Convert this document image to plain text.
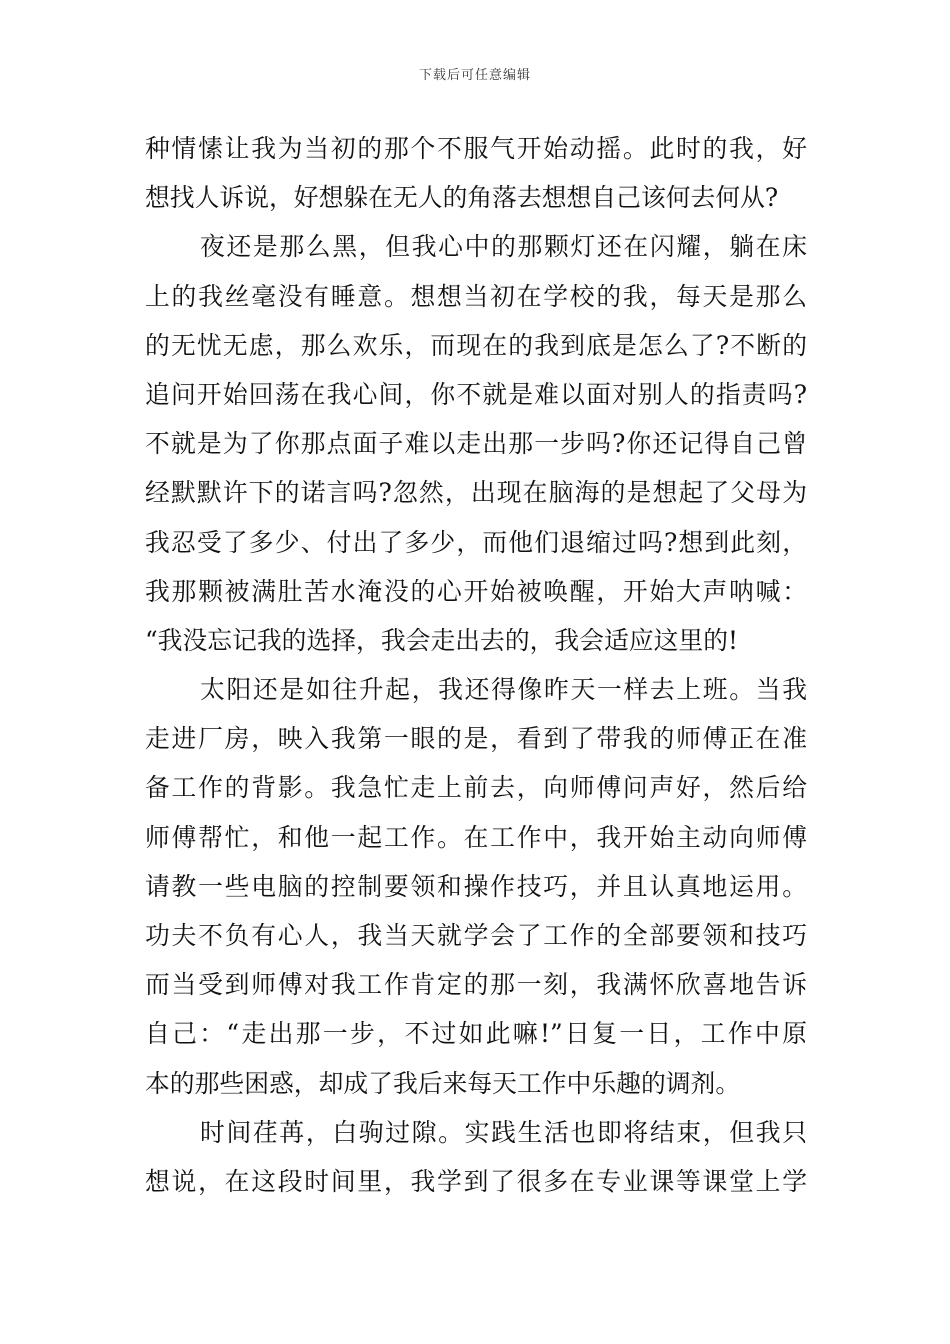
下载后可任意编辑
种情愫让我为当初的那个不服气开始动摇。此时的我，好
想找人诉说，好想躲在无人的角落去想想自己该何去何从?
夜还是那么黑，但我心中的那颗灯还在闪耀，躺在床
上的我丝毫没有睡意。想想当初在学校的我，每天是那么
的无忧无虑，那么欢乐，而现在的我到底是怎么了?不断的
追问开始回荡在我心间，你不就是难以面对别人的指责吗?
不就是为了你那点面子难以走出那一步吗?你还记得自己曾
经默默许下的诺言吗?忽然，出现在脑海的是想起了父母为
我忍受了多少、付出了多少，而他们退缩过吗?想到此刻，
我那颗被满肚苦水淹没的心开始被唤醒，开始大声呐喊：
“我没忘记我的选择，我会走出去的，我会适应这里的!
太阳还是如往升起，我还得像昨天一样去上班。当我
走进厂房，映入我第一眼的是，看到了带我的师傅正在准
备工作的背影。我急忙走上前去，向师傅问声好，然后给
师傅帮忙，和他一起工作。在工作中，我开始主动向师傅
请教一些电脑的控制要领和操作技巧，并且认真地运用。
功夫不负有心人，我当天就学会了工作的全部要领和技巧
而当受到师傅对我工作肯定的那一刻，我满怀欣喜地告诉
自己：“走出那一步，不过如此嘛!”日复一日，工作中原
本的那些困惑，却成了我后来每天工作中乐趣的调剂。
时间荏苒，白驹过隙。实践生活也即将结束，但我只
想说，在这段时间里，我学到了很多在专业课等课堂上学
